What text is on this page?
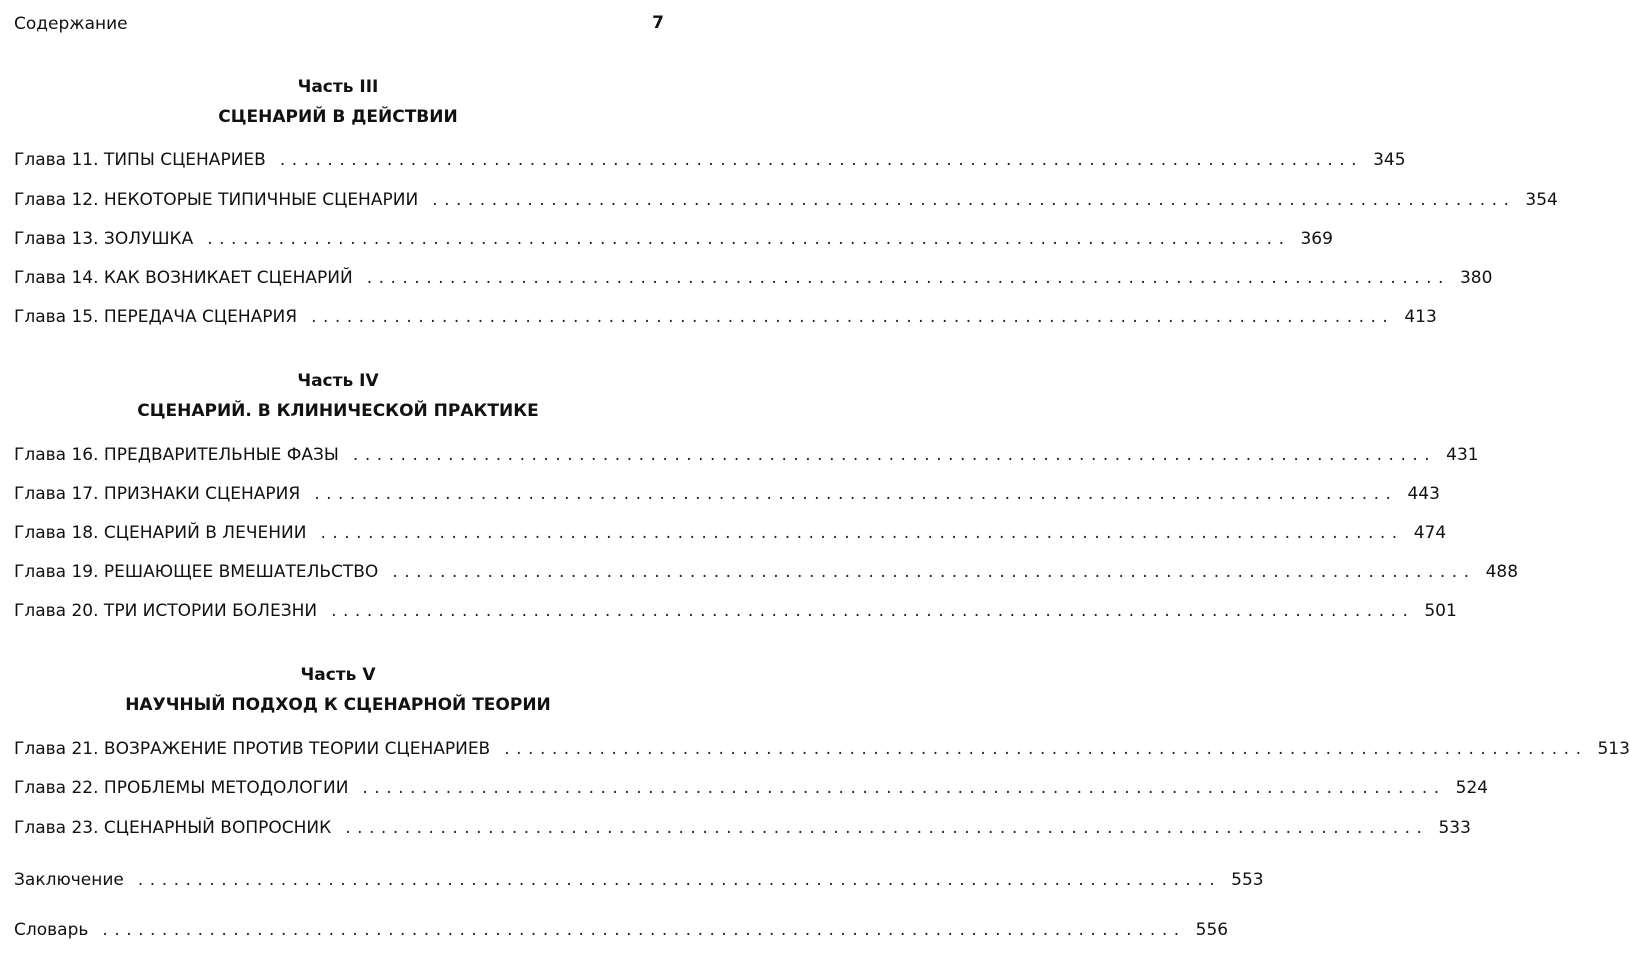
Содержание	7
Часть III
СЦЕНАРИЙ В ДЕЙСТВИИ
Глава 11. ТИПЫ СЦЕНАРИЕВ ........................................................................................... 345
Глава 12. НЕКОТОРЫЕ ТИПИЧНЫЕ СЦЕНАРИИ ........................................................................................... 354
Глава 13. ЗОЛУШКА ........................................................................................... 369
Глава 14. КАК ВОЗНИКАЕТ СЦЕНАРИЙ ........................................................................................... 380
Глава 15. ПЕРЕДАЧА СЦЕНАРИЯ ........................................................................................... 413
Часть IV
СЦЕНАРИЙ. В КЛИНИЧЕСКОЙ ПРАКТИКЕ
Глава 16. ПРЕДВАРИТЕЛЬНЫЕ ФАЗЫ ........................................................................................... 431
Глава 17. ПРИЗНАКИ СЦЕНАРИЯ ........................................................................................... 443
Глава 18. СЦЕНАРИЙ В ЛЕЧЕНИИ ........................................................................................... 474
Глава 19. РЕШАЮЩЕЕ ВМЕШАТЕЛЬСТВО ........................................................................................... 488
Глава 20. ТРИ ИСТОРИИ БОЛЕЗНИ ........................................................................................... 501
Часть V
НАУЧНЫЙ ПОДХОД К СЦЕНАРНОЙ ТЕОРИИ
Глава 21. ВОЗРАЖЕНИЕ ПРОТИВ ТЕОРИИ СЦЕНАРИЕВ ........................................................................................... 513
Глава 22. ПРОБЛЕМЫ МЕТОДОЛОГИИ ........................................................................................... 524
Глава 23. СЦЕНАРНЫЙ ВОПРОСНИК ........................................................................................... 533
Заключение ........................................................................................... 553
Словарь ........................................................................................... 556
